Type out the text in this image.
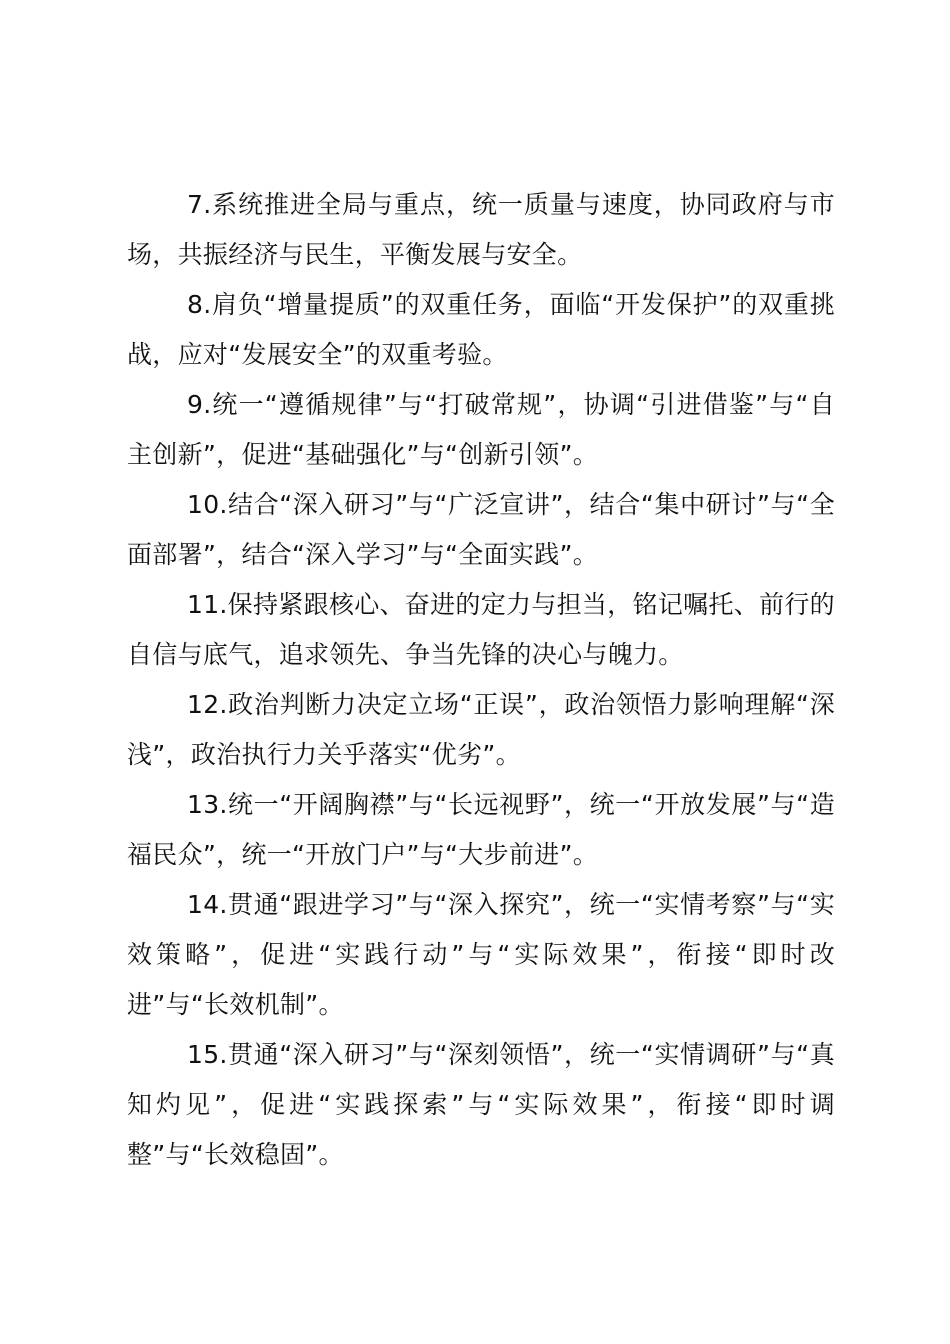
7.系统推进全局与重点，统一质量与速度，协同政府与市场，共振经济与民生，平衡发展与安全。

8.肩负“增量提质”的双重任务，面临“开发保护”的双重挑战，应对“发展安全”的双重考验。

9.统一“遵循规律”与“打破常规”，协调“引进借鉴”与“自主创新”，促进“基础强化”与“创新引领”。

10.结合“深入研习”与“广泛宣讲”，结合“集中研讨”与“全面部署”，结合“深入学习”与“全面实践”。

11.保持紧跟核心、奋进的定力与担当，铭记嘱托、前行的自信与底气，追求领先、争当先锋的决心与魄力。

12.政治判断力决定立场“正误”，政治领悟力影响理解“深浅”，政治执行力关乎落实“优劣”。

13.统一“开阔胸襟”与“长远视野”，统一“开放发展”与“造福民众”，统一“开放门户”与“大步前进”。

14.贯通“跟进学习”与“深入探究”，统一“实情考察”与“实效策略”，促进“实践行动”与“实际效果”，衔接“即时改进”与“长效机制”。

15.贯通“深入研习”与“深刻领悟”，统一“实情调研”与“真知灼见”，促进“实践探索”与“实际效果”，衔接“即时调整”与“长效稳固”。
